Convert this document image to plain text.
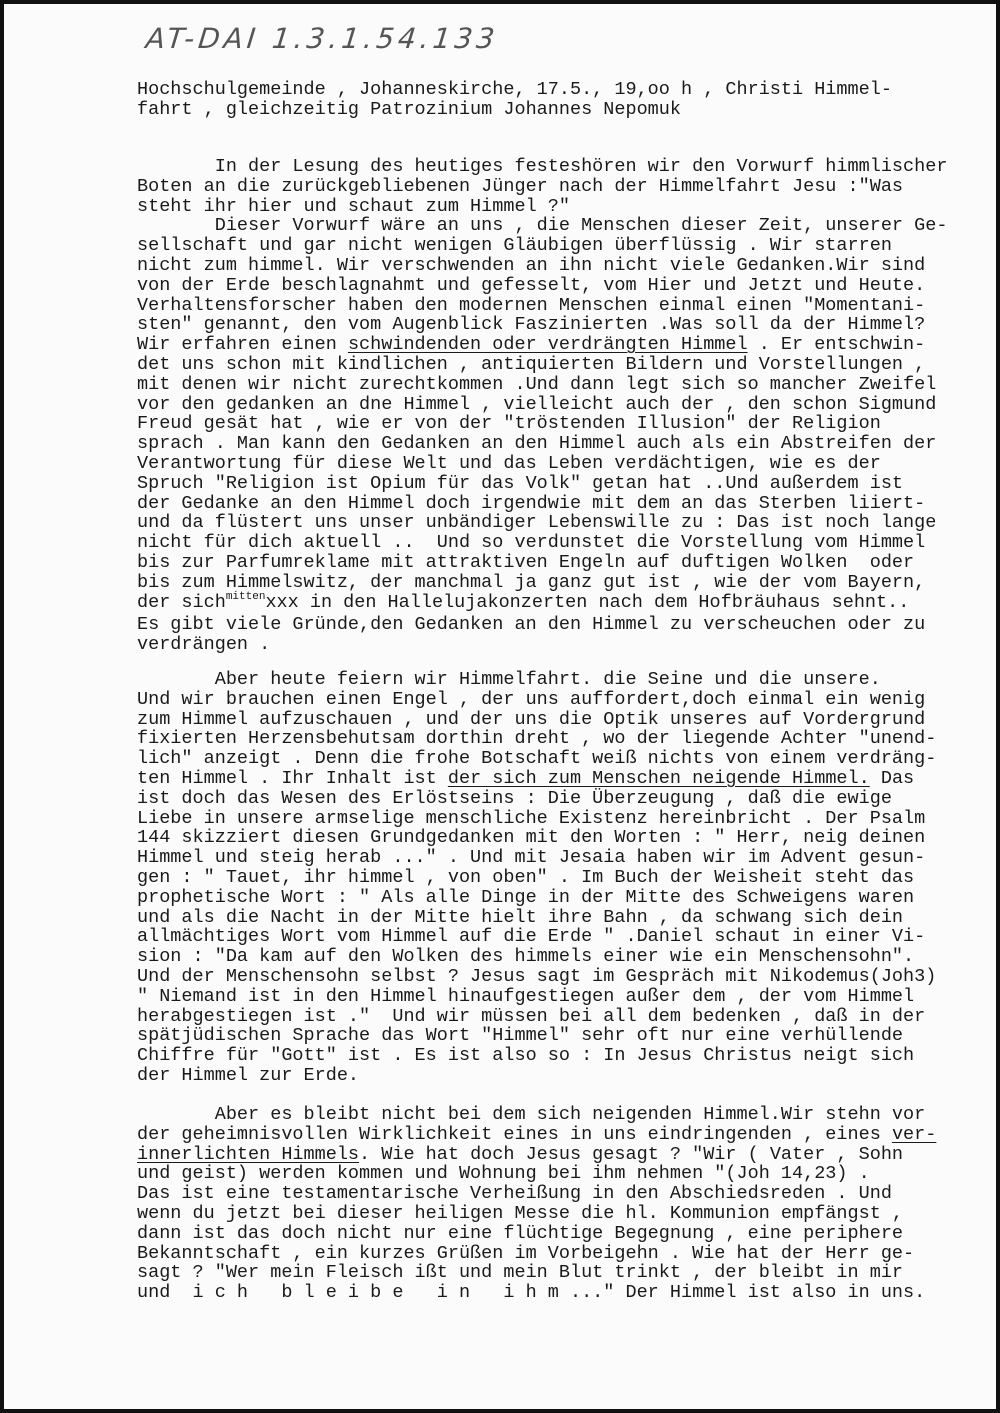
AT-DAI 1.3.1.54.133
Hochschulgemeinde , Johanneskirche, 17.5., 19,oo h , Christi Himmel-
fahrt , gleichzeitig Patrozinium Johannes Nepomuk
In der Lesung des heutiges festeshören wir den Vorwurf himmlischer
Boten an die zurückgebliebenen Jünger nach der Himmelfahrt Jesu :"Was
steht ihr hier und schaut zum Himmel ?"
Dieser Vorwurf wäre an uns , die Menschen dieser Zeit, unserer Ge-
sellschaft und gar nicht wenigen Gläubigen überflüssig . Wir starren
nicht zum himmel. Wir verschwenden an ihn nicht viele Gedanken.Wir sind
von der Erde beschlagnahmt und gefesselt, vom Hier und Jetzt und Heute.
Verhaltensforscher haben den modernen Menschen einmal einen "Momentani-
sten" genannt, den vom Augenblick Faszinierten .Was soll da der Himmel?
Wir erfahren einen schwindenden oder verdrängten Himmel . Er entschwin-
det uns schon mit kindlichen , antiquierten Bildern und Vorstellungen ,
mit denen wir nicht zurechtkommen .Und dann legt sich so mancher Zweifel
vor den gedanken an dne Himmel , vielleicht auch der , den schon Sigmund
Freud gesät hat , wie er von der "tröstenden Illusion" der Religion
sprach . Man kann den Gedanken an den Himmel auch als ein Abstreifen der
Verantwortung für diese Welt und das Leben verdächtigen, wie es der
Spruch "Religion ist Opium für das Volk" getan hat ..Und außerdem ist
der Gedanke an den Himmel doch irgendwie mit dem an das Sterben liiert-
und da flüstert uns unser unbändiger Lebenswille zu : Das ist noch lange
nicht für dich aktuell ..  Und so verdunstet die Vorstellung vom Himmel
bis zur Parfumreklame mit attraktiven Engeln auf duftigen Wolken  oder
bis zum Himmelswitz, der manchmal ja ganz gut ist , wie der vom Bayern,
der sich$^{mitten}$xxx in den Hallelujakonzerten nach dem Hofbräuhaus sehnt..
Es gibt viele Gründe,den Gedanken an den Himmel zu verscheuchen oder zu
verdrängen .
Aber heute feiern wir Himmelfahrt. die Seine und die unsere.
Und wir brauchen einen Engel , der uns auffordert,doch einmal ein wenig
zum Himmel aufzuschauen , und der uns die Optik unseres auf Vordergrund
fixierten Herzensbehutsam dorthin dreht , wo der liegende Achter "unend-
lich" anzeigt . Denn die frohe Botschaft weiß nichts von einem verdräng-
ten Himmel . Ihr Inhalt ist der sich zum Menschen neigende Himmel. Das
ist doch das Wesen des Erlöstseins : Die Überzeugung , daß die ewige
Liebe in unsere armselige menschliche Existenz hereinbricht . Der Psalm
144 skizziert diesen Grundgedanken mit den Worten : " Herr, neig deinen
Himmel und steig herab ..." . Und mit Jesaia haben wir im Advent gesun-
gen : " Tauet, ihr himmel , von oben" . Im Buch der Weisheit steht das
prophetische Wort : " Als alle Dinge in der Mitte des Schweigens waren
und als die Nacht in der Mitte hielt ihre Bahn , da schwang sich dein
allmächtiges Wort vom Himmel auf die Erde " .Daniel schaut in einer Vi-
sion : "Da kam auf den Wolken des himmels einer wie ein Menschensohn".
Und der Menschensohn selbst ? Jesus sagt im Gespräch mit Nikodemus(Joh3)
" Niemand ist in den Himmel hinaufgestiegen außer dem , der vom Himmel
herabgestiegen ist ."  Und wir müssen bei all dem bedenken , daß in der
spätjüdischen Sprache das Wort "Himmel" sehr oft nur eine verhüllende
Chiffre für "Gott" ist . Es ist also so : In Jesus Christus neigt sich
der Himmel zur Erde.
Aber es bleibt nicht bei dem sich neigenden Himmel.Wir stehn vor
der geheimnisvollen Wirklichkeit eines in uns eindringenden , eines ver-
innerlichten Himmels. Wie hat doch Jesus gesagt ? "Wir ( Vater , Sohn
und geist) werden kommen und Wohnung bei ihm nehmen "(Joh 14,23) .
Das ist eine testamentarische Verheißung in den Abschiedsreden . Und
wenn du jetzt bei dieser heiligen Messe die hl. Kommunion empfängst ,
dann ist das doch nicht nur eine flüchtige Begegnung , eine periphere
Bekanntschaft , ein kurzes Grüßen im Vorbeigehn . Wie hat der Herr ge-
sagt ? "Wer mein Fleisch ißt und mein Blut trinkt , der bleibt in mir
und  i c h   b l e i b e   i n   i h m ..." Der Himmel ist also in uns.
